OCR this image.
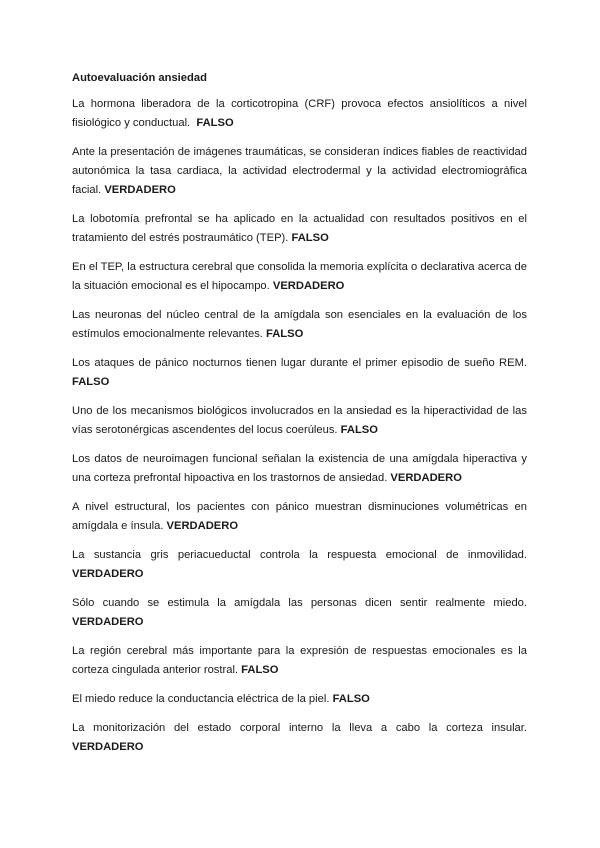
Autoevaluación ansiedad

La hormona liberadora de la corticotropina (CRF) provoca efectos ansiolíticos a nivel fisiológico y conductual. FALSO

Ante la presentación de imágenes traumáticas, se consideran índices fiables de reactividad autonómica la tasa cardiaca, la actividad electrodermal y la actividad electromiográfica facial. VERDADERO

La lobotomía prefrontal se ha aplicado en la actualidad con resultados positivos en el tratamiento del estrés postraumático (TEP). FALSO

En el TEP, la estructura cerebral que consolida la memoria explícita o declarativa acerca de la situación emocional es el hipocampo. VERDADERO

Las neuronas del núcleo central de la amígdala son esenciales en la evaluación de los estímulos emocionalmente relevantes. FALSO

Los ataques de pánico nocturnos tienen lugar durante el primer episodio de sueño REM. FALSO

Uno de los mecanismos biológicos involucrados en la ansiedad es la hiperactividad de las vías serotonérgicas ascendentes del locus coerúleus. FALSO

Los datos de neuroimagen funcional señalan la existencia de una amígdala hiperactiva y una corteza prefrontal hipoactiva en los trastornos de ansiedad. VERDADERO

A nivel estructural, los pacientes con pánico muestran disminuciones volumétricas en amígdala e ínsula. VERDADERO

La sustancia gris periacueductal controla la respuesta emocional de inmovilidad. VERDADERO

Sólo cuando se estimula la amígdala las personas dicen sentir realmente miedo. VERDADERO

La región cerebral más importante para la expresión de respuestas emocionales es la corteza cingulada anterior rostral. FALSO

El miedo reduce la conductancia eléctrica de la piel. FALSO

La monitorización del estado corporal interno la lleva a cabo la corteza insular. VERDADERO
